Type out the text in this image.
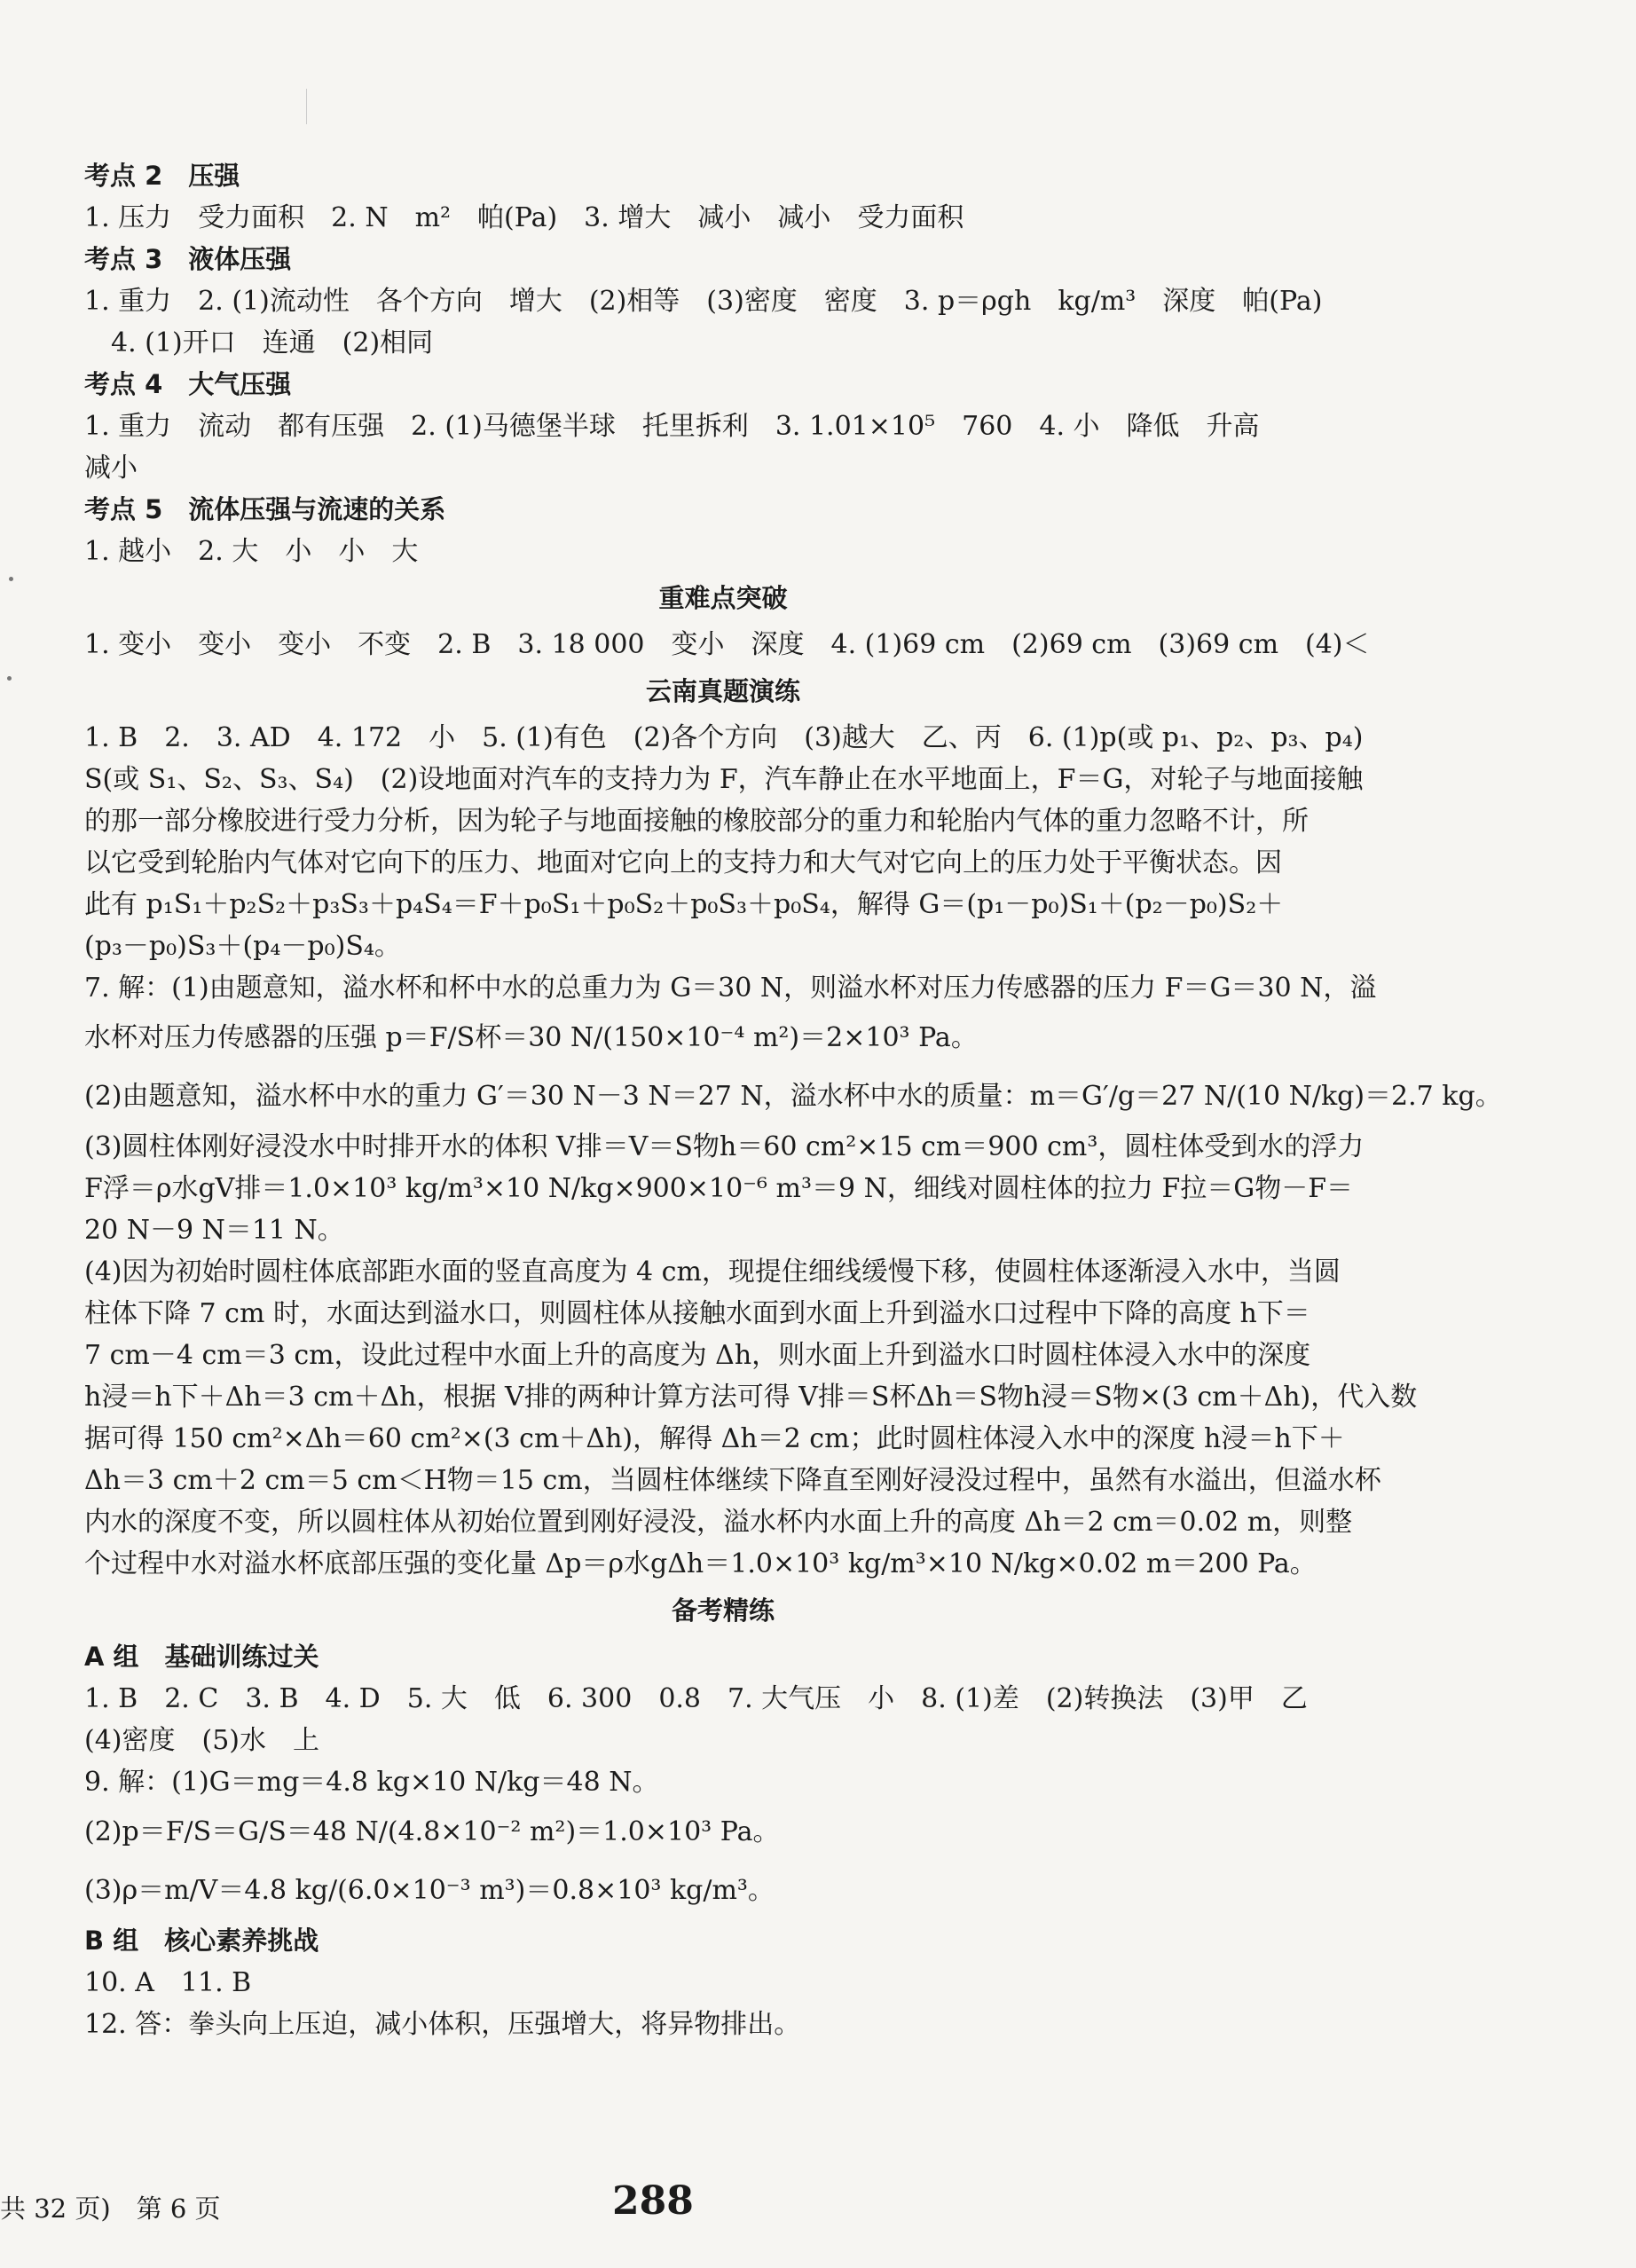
考点 2　压强
1. 压力　受力面积　2. N　m²　帕(Pa)　3. 增大　减小　减小　受力面积
考点 3　液体压强
1. 重力　2. (1)流动性　各个方向　增大　(2)相等　(3)密度　密度　3. p＝ρgh　kg/m³　深度　帕(Pa)
　4. (1)开口　连通　(2)相同
考点 4　大气压强
1. 重力　流动　都有压强　2. (1)马德堡半球　托里拆利　3. 1.01×10⁵　760　4. 小　降低　升高
减小
考点 5　流体压强与流速的关系
1. 越小　2. 大　小　小　大
重难点突破
1. 变小　变小　变小　不变　2. B　3. 18 000　变小　深度　4. (1)69 cm　(2)69 cm　(3)69 cm　(4)＜
云南真题演练
1. B　2.　3. AD　4. 172　小　5. (1)有色　(2)各个方向　(3)越大　乙、丙　6. (1)p(或 p₁、p₂、p₃、p₄)
S(或 S₁、S₂、S₃、S₄)　(2)设地面对汽车的支持力为 F，汽车静止在水平地面上，F＝G，对轮子与地面接触
的那一部分橡胶进行受力分析，因为轮子与地面接触的橡胶部分的重力和轮胎内气体的重力忽略不计，所
以它受到轮胎内气体对它向下的压力、地面对它向上的支持力和大气对它向上的压力处于平衡状态。因
此有 p₁S₁＋p₂S₂＋p₃S₃＋p₄S₄＝F＋p₀S₁＋p₀S₂＋p₀S₃＋p₀S₄，解得 G＝(p₁－p₀)S₁＋(p₂－p₀)S₂＋
(p₃－p₀)S₃＋(p₄－p₀)S₄。
7. 解：(1)由题意知，溢水杯和杯中水的总重力为 G＝30 N，则溢水杯对压力传感器的压力 F＝G＝30 N，溢
水杯对压力传感器的压强 p＝F/S杯＝30 N/(150×10⁻⁴ m²)＝2×10³ Pa。
(2)由题意知，溢水杯中水的重力 G′＝30 N－3 N＝27 N，溢水杯中水的质量：m＝G′/g＝27 N/(10 N/kg)＝2.7 kg。
(3)圆柱体刚好浸没水中时排开水的体积 V排＝V＝S物h＝60 cm²×15 cm＝900 cm³，圆柱体受到水的浮力
F浮＝ρ水gV排＝1.0×10³ kg/m³×10 N/kg×900×10⁻⁶ m³＝9 N，细线对圆柱体的拉力 F拉＝G物－F＝
20 N－9 N＝11 N。
(4)因为初始时圆柱体底部距水面的竖直高度为 4 cm，现提住细线缓慢下移，使圆柱体逐渐浸入水中，当圆
柱体下降 7 cm 时，水面达到溢水口，则圆柱体从接触水面到水面上升到溢水口过程中下降的高度 h下＝
7 cm－4 cm＝3 cm，设此过程中水面上升的高度为 Δh，则水面上升到溢水口时圆柱体浸入水中的深度
h浸＝h下＋Δh＝3 cm＋Δh，根据 V排的两种计算方法可得 V排＝S杯Δh＝S物h浸＝S物×(3 cm＋Δh)，代入数
据可得 150 cm²×Δh＝60 cm²×(3 cm＋Δh)，解得 Δh＝2 cm；此时圆柱体浸入水中的深度 h浸＝h下＋
Δh＝3 cm＋2 cm＝5 cm＜H物＝15 cm，当圆柱体继续下降直至刚好浸没过程中，虽然有水溢出，但溢水杯
内水的深度不变，所以圆柱体从初始位置到刚好浸没，溢水杯内水面上升的高度 Δh＝2 cm＝0.02 m，则整
个过程中水对溢水杯底部压强的变化量 Δp＝ρ水gΔh＝1.0×10³ kg/m³×10 N/kg×0.02 m＝200 Pa。
备考精练
A 组　基础训练过关
1. B　2. C　3. B　4. D　5. 大　低　6. 300　0.8　7. 大气压　小　8. (1)差　(2)转换法　(3)甲　乙
(4)密度　(5)水　上
9. 解：(1)G＝mg＝4.8 kg×10 N/kg＝48 N。
(2)p＝F/S＝G/S＝48 N/(4.8×10⁻² m²)＝1.0×10³ Pa。
(3)ρ＝m/V＝4.8 kg/(6.0×10⁻³ m³)＝0.8×10³ kg/m³。
B 组　核心素养挑战
10. A　11. B
12. 答：拳头向上压迫，减小体积，压强增大，将异物排出。
共 32 页)　第 6 页	288
